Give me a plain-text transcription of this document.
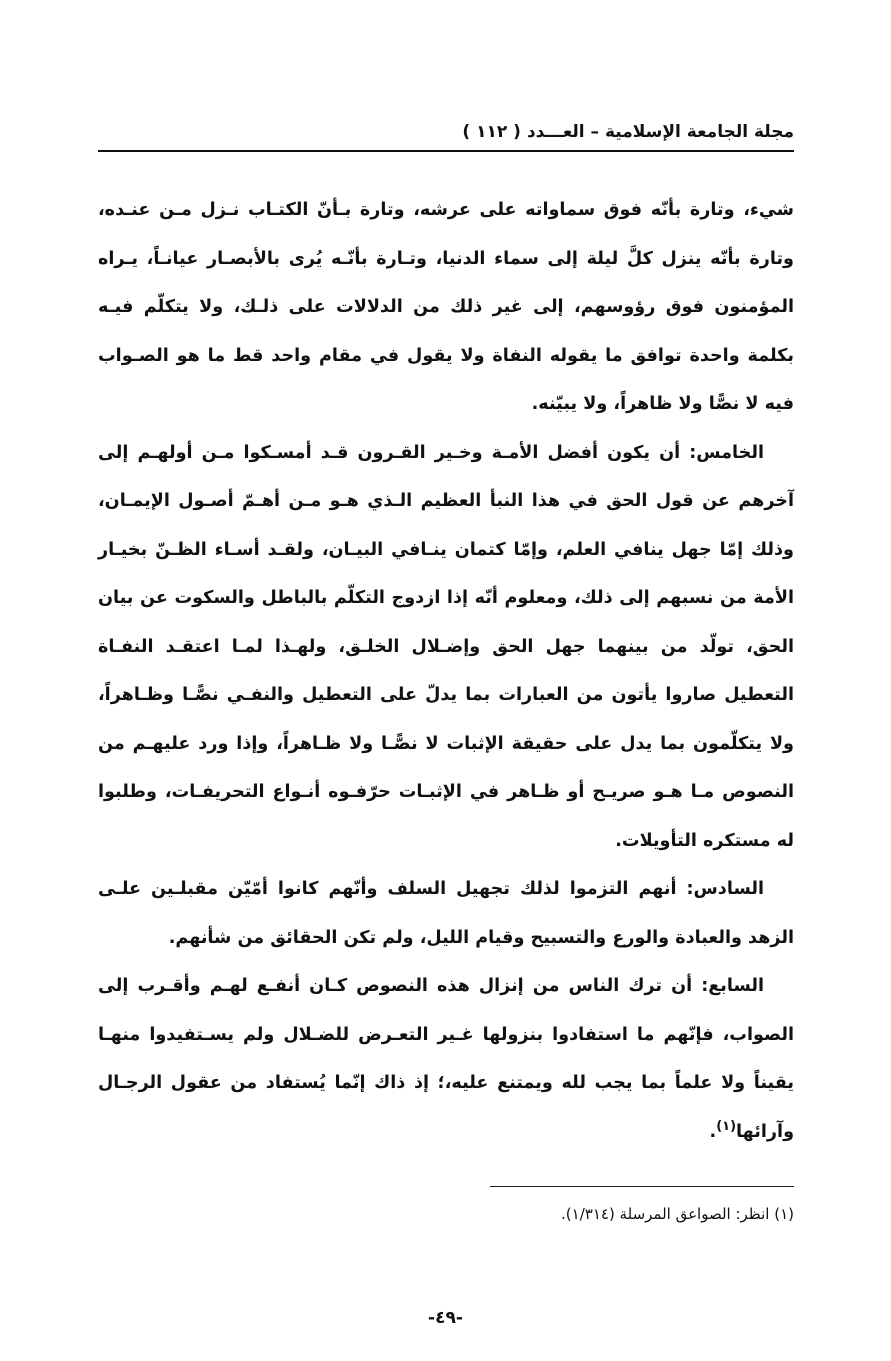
مجلة الجامعة الإسلامية – العـــدد ( ١١٢ )

شيء، وتارة بأنّه فوق سماواته على عرشه، وتارة بـأنّ الكتـاب نـزل مـن عنـده، وتارة بأنّه ينزل كلَّ ليلة إلى سماء الدنيا، وتـارة بأنّـه يُرى بالأبصـار عيانـاً، يـراه المؤمنون فوق رؤوسهم، إلى غير ذلك من الدلالات على ذلـك، ولا يتكلّم فيـه بكلمة واحدة توافق ما يقوله النفاة ولا يقول في مقام واحد قط ما هو الصـواب فيه لا نصًّا ولا ظاهراً، ولا يبيّنه.

الخامس: أن يكون أفضل الأمـة وخـير القـرون قـد أمسـكوا مـن أولهـم إلى آخرهم عن قول الحق في هذا النبأ العظيم الـذي هـو مـن أهـمّ أصـول الإيمـان، وذلك إمّا جهل ينافي العلم، وإمّا كتمان ينـافي البيـان، ولقـد أسـاء الظـنّ بخيـار الأمة من نسبهم إلى ذلك، ومعلوم أنّه إذا ازدوج التكلّم بالباطل والسكوت عن بيان الحق، تولّد من بينهما جهل الحق وإضـلال الخلـق، ولهـذا لمـا اعتقـد النفـاة التعطيل صاروا يأتون من العبارات بما يدلّ على التعطيل والنفـي نصًّـا وظـاهراً، ولا يتكلّمون بما يدل على حقيقة الإثبات لا نصًّـا ولا ظـاهراً، وإذا ورد عليهـم من النصوص مـا هـو صريـح أو ظـاهر في الإثبـات حرّفـوه أنـواع التحريفـات، وطلبوا له مستكره التأويلات.

السادس: أنهم التزموا لذلك تجهيل السلف وأنّهم كانوا أمّيّن مقبلـين علـى الزهد والعبادة والورع والتسبيح وقيام الليل، ولم تكن الحقائق من شأنهم.

السابع: أن ترك الناس من إنزال هذه النصوص كـان أنفـع لهـم وأقـرب إلى الصواب، فإنّهم ما استفادوا بنزولها غـير التعـرض للضـلال ولم يسـتفيدوا منهـا يقيناً ولا علماً بما يجب لله ويمتنع عليه،؛ إذ ذاك إنّما يُستفاد من عقول الرجـال وآرائها$^{(١)}$.

(١) انظر: الصواعق المرسلة (١/٣١٤).
-٤٩-
